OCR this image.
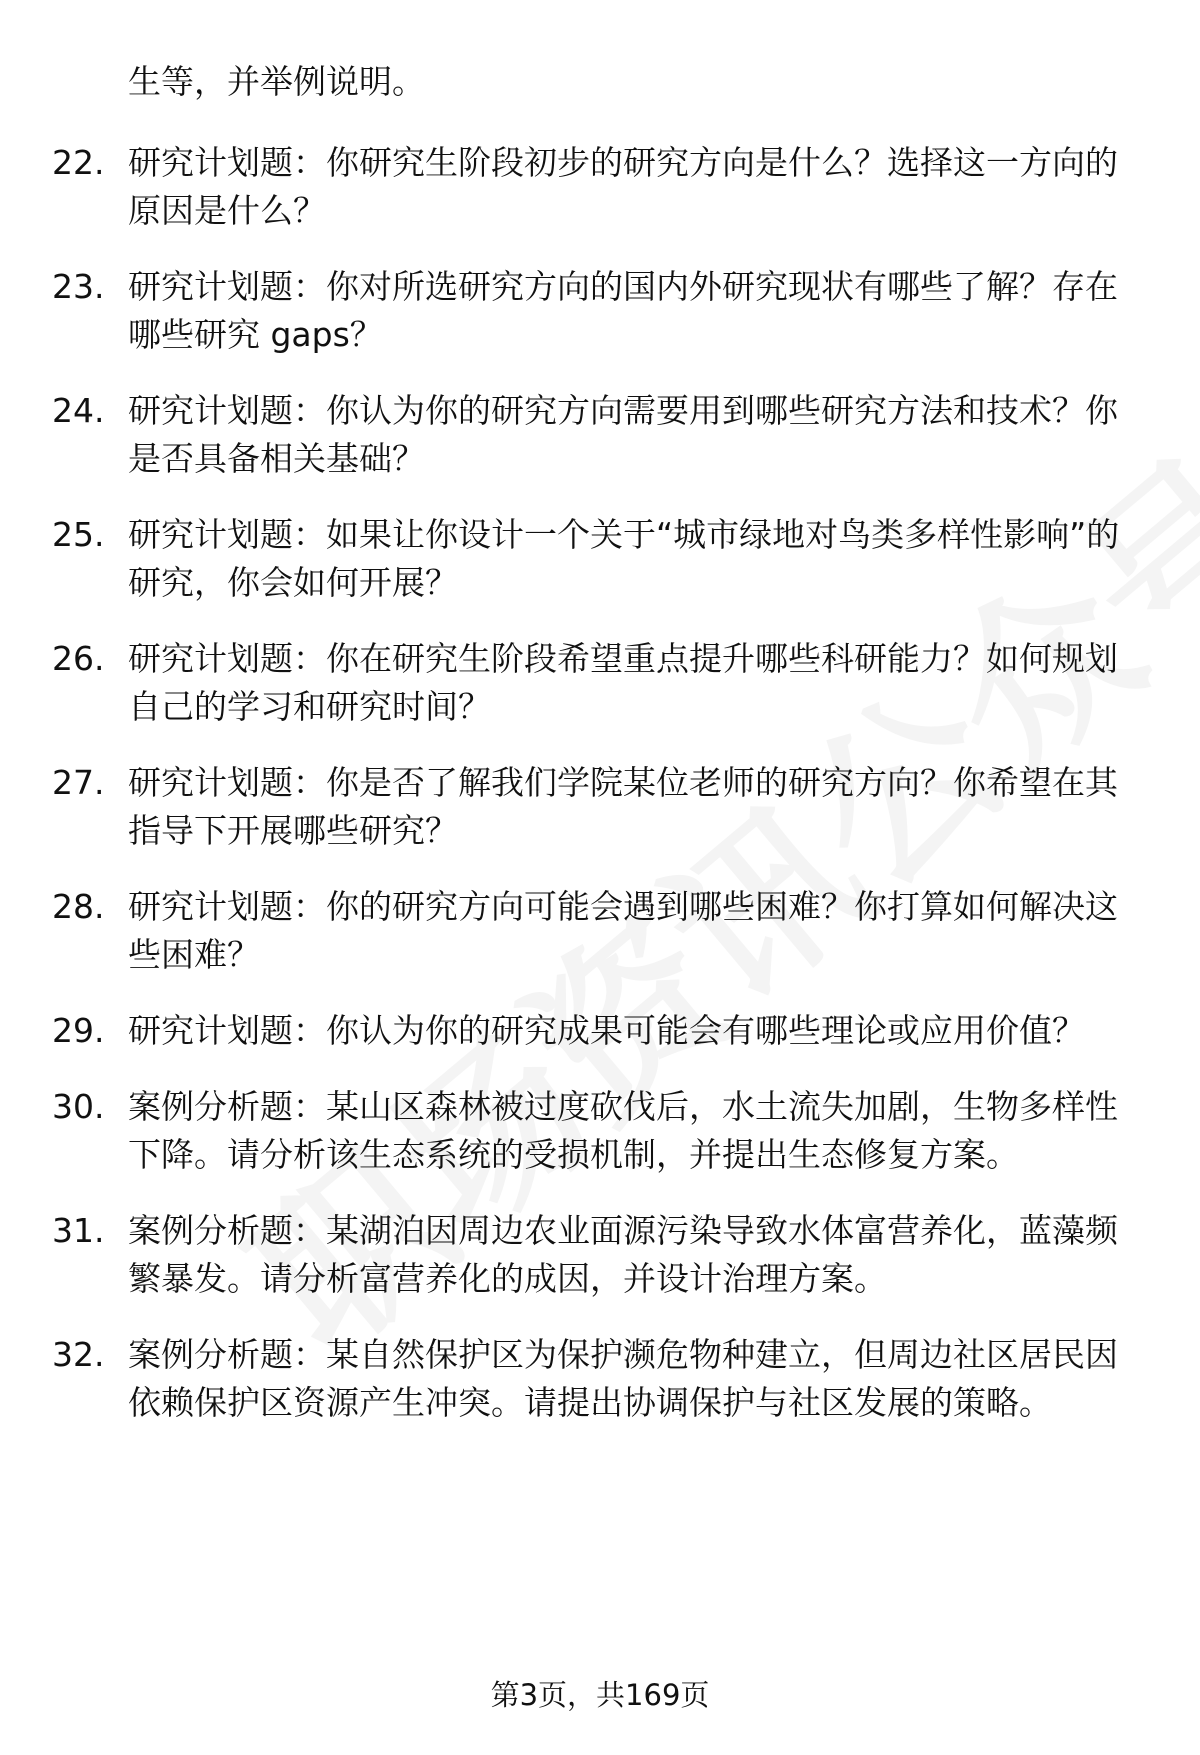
生等，并举例说明。
22. 研究计划题：你研究生阶段初步的研究方向是什么？选择这一方向的原因是什么？
23. 研究计划题：你对所选研究方向的国内外研究现状有哪些了解？存在哪些研究 gaps？
24. 研究计划题：你认为你的研究方向需要用到哪些研究方法和技术？你是否具备相关基础？
25. 研究计划题：如果让你设计一个关于“城市绿地对鸟类多样性影响”的研究，你会如何开展？
26. 研究计划题：你在研究生阶段希望重点提升哪些科研能力？如何规划自己的学习和研究时间？
27. 研究计划题：你是否了解我们学院某位老师的研究方向？你希望在其指导下开展哪些研究？
28. 研究计划题：你的研究方向可能会遇到哪些困难？你打算如何解决这些困难？
29. 研究计划题：你认为你的研究成果可能会有哪些理论或应用价值？
30. 案例分析题：某山区森林被过度砍伐后，水土流失加剧，生物多样性下降。请分析该生态系统的受损机制，并提出生态修复方案。
31. 案例分析题：某湖泊因周边农业面源污染导致水体富营养化，蓝藻频繁暴发。请分析富营养化的成因，并设计治理方案。
32. 案例分析题：某自然保护区为保护濒危物种建立，但周边社区居民因依赖保护区资源产生冲突。请提出协调保护与社区发展的策略。
第3页，共169页
